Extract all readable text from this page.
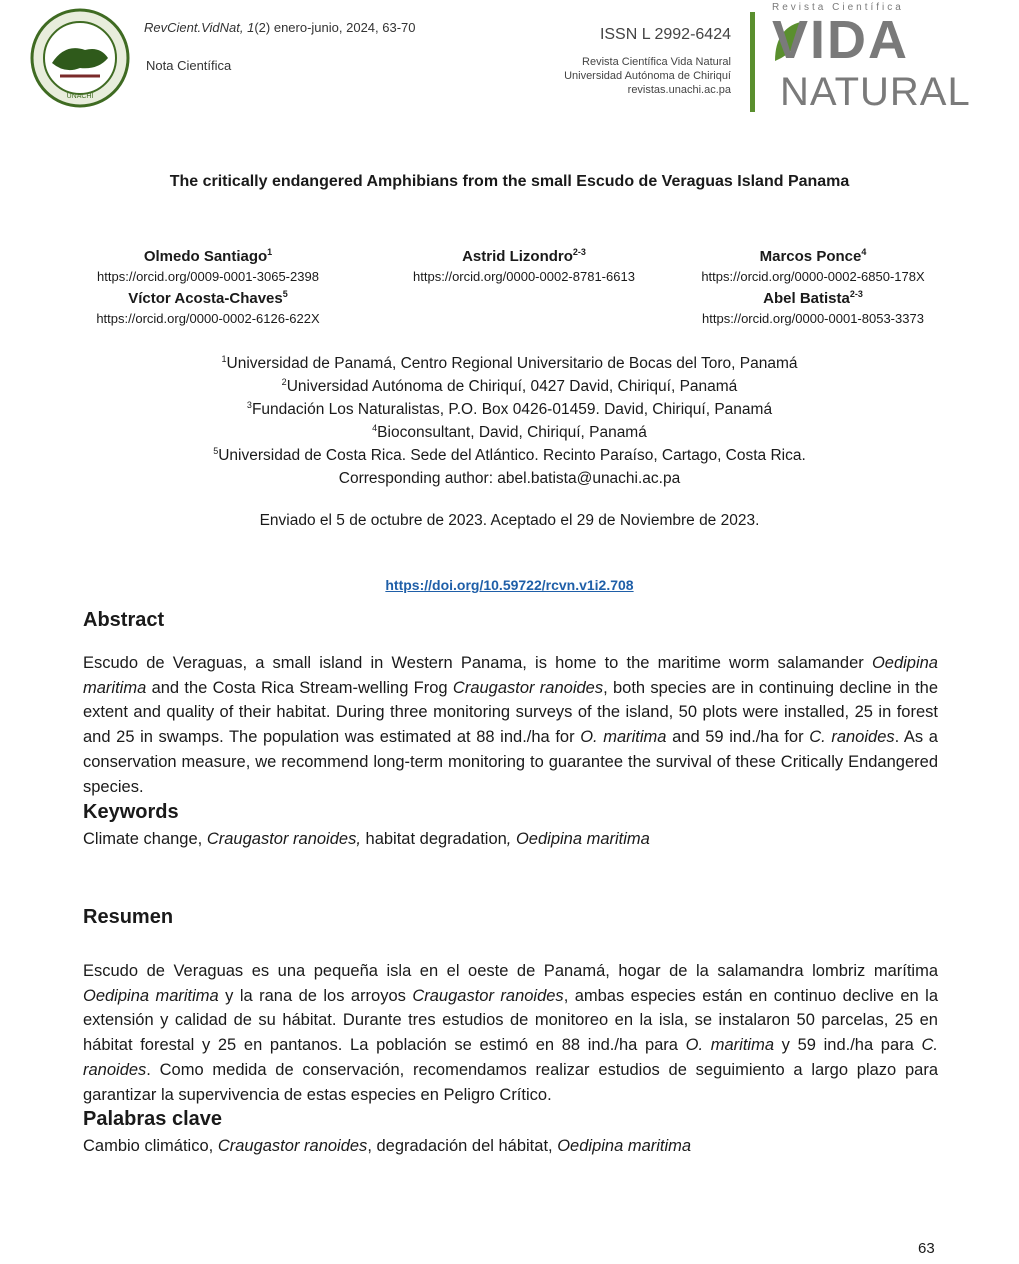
UNACHI
RevCient.VidNat, 1(2) enero-junio, 2024, 63-70
Nota Científica
ISSN L 2992-6424
Revista Científica Vida Natural
Universidad Autónoma de Chiriquí
revistas.unachi.ac.pa
Revista Científica
VIDA
NATURAL
The critically endangered Amphibians from the small Escudo de Veraguas Island Panama
Olmedo Santiago$^1$
https://orcid.org/0009-0001-3065-2398
Astrid Lizondro$^{2-3}$
https://orcid.org/0000-0002-8781-6613
Marcos Ponce$^4$
https://orcid.org/0000-0002-6850-178X
Víctor Acosta-Chaves$^5$
https://orcid.org/0000-0002-6126-622X
Abel Batista$^{2-3}$
https://orcid.org/0000-0001-8053-3373
$^1$Universidad de Panamá, Centro Regional Universitario de Bocas del Toro, Panamá
$^2$Universidad Autónoma de Chiriquí, 0427 David, Chiriquí, Panamá
$^3$Fundación Los Naturalistas, P.O. Box 0426-01459. David, Chiriquí, Panamá
$^4$Bioconsultant, David, Chiriquí, Panamá
$^5$Universidad de Costa Rica. Sede del Atlántico. Recinto Paraíso, Cartago, Costa Rica.
Corresponding author: abel.batista@unachi.ac.pa
Enviado el 5 de octubre de 2023. Aceptado el 29 de Noviembre de 2023.
https://doi.org/10.59722/rcvn.v1i2.708
Abstract
Escudo de Veraguas, a small island in Western Panama, is home to the maritime worm salamander Oedipina maritima and the Costa Rica Stream-welling Frog Craugastor ranoides, both species are in continuing decline in the extent and quality of their habitat. During three monitoring surveys of the island, 50 plots were installed, 25 in forest and 25 in swamps. The population was estimated at 88 ind./ha for O. maritima and 59 ind./ha for C. ranoides. As a conservation measure, we recommend long-term monitoring to guarantee the survival of these Critically Endangered species.
Keywords
Climate change, Craugastor ranoides, habitat degradation, Oedipina maritima
Resumen
Escudo de Veraguas es una pequeña isla en el oeste de Panamá, hogar de la salamandra lombriz marítima Oedipina maritima y la rana de los arroyos Craugastor ranoides, ambas especies están en continuo declive en la extensión y calidad de su hábitat. Durante tres estudios de monitoreo en la isla, se instalaron 50 parcelas, 25 en hábitat forestal y 25 en pantanos. La población se estimó en 88 ind./ha para O. maritima y 59 ind./ha para C. ranoides. Como medida de conservación, recomendamos realizar estudios de seguimiento a largo plazo para garantizar la supervivencia de estas especies en Peligro Crítico.
Palabras clave
Cambio climático, Craugastor ranoides, degradación del hábitat, Oedipina maritima
63
